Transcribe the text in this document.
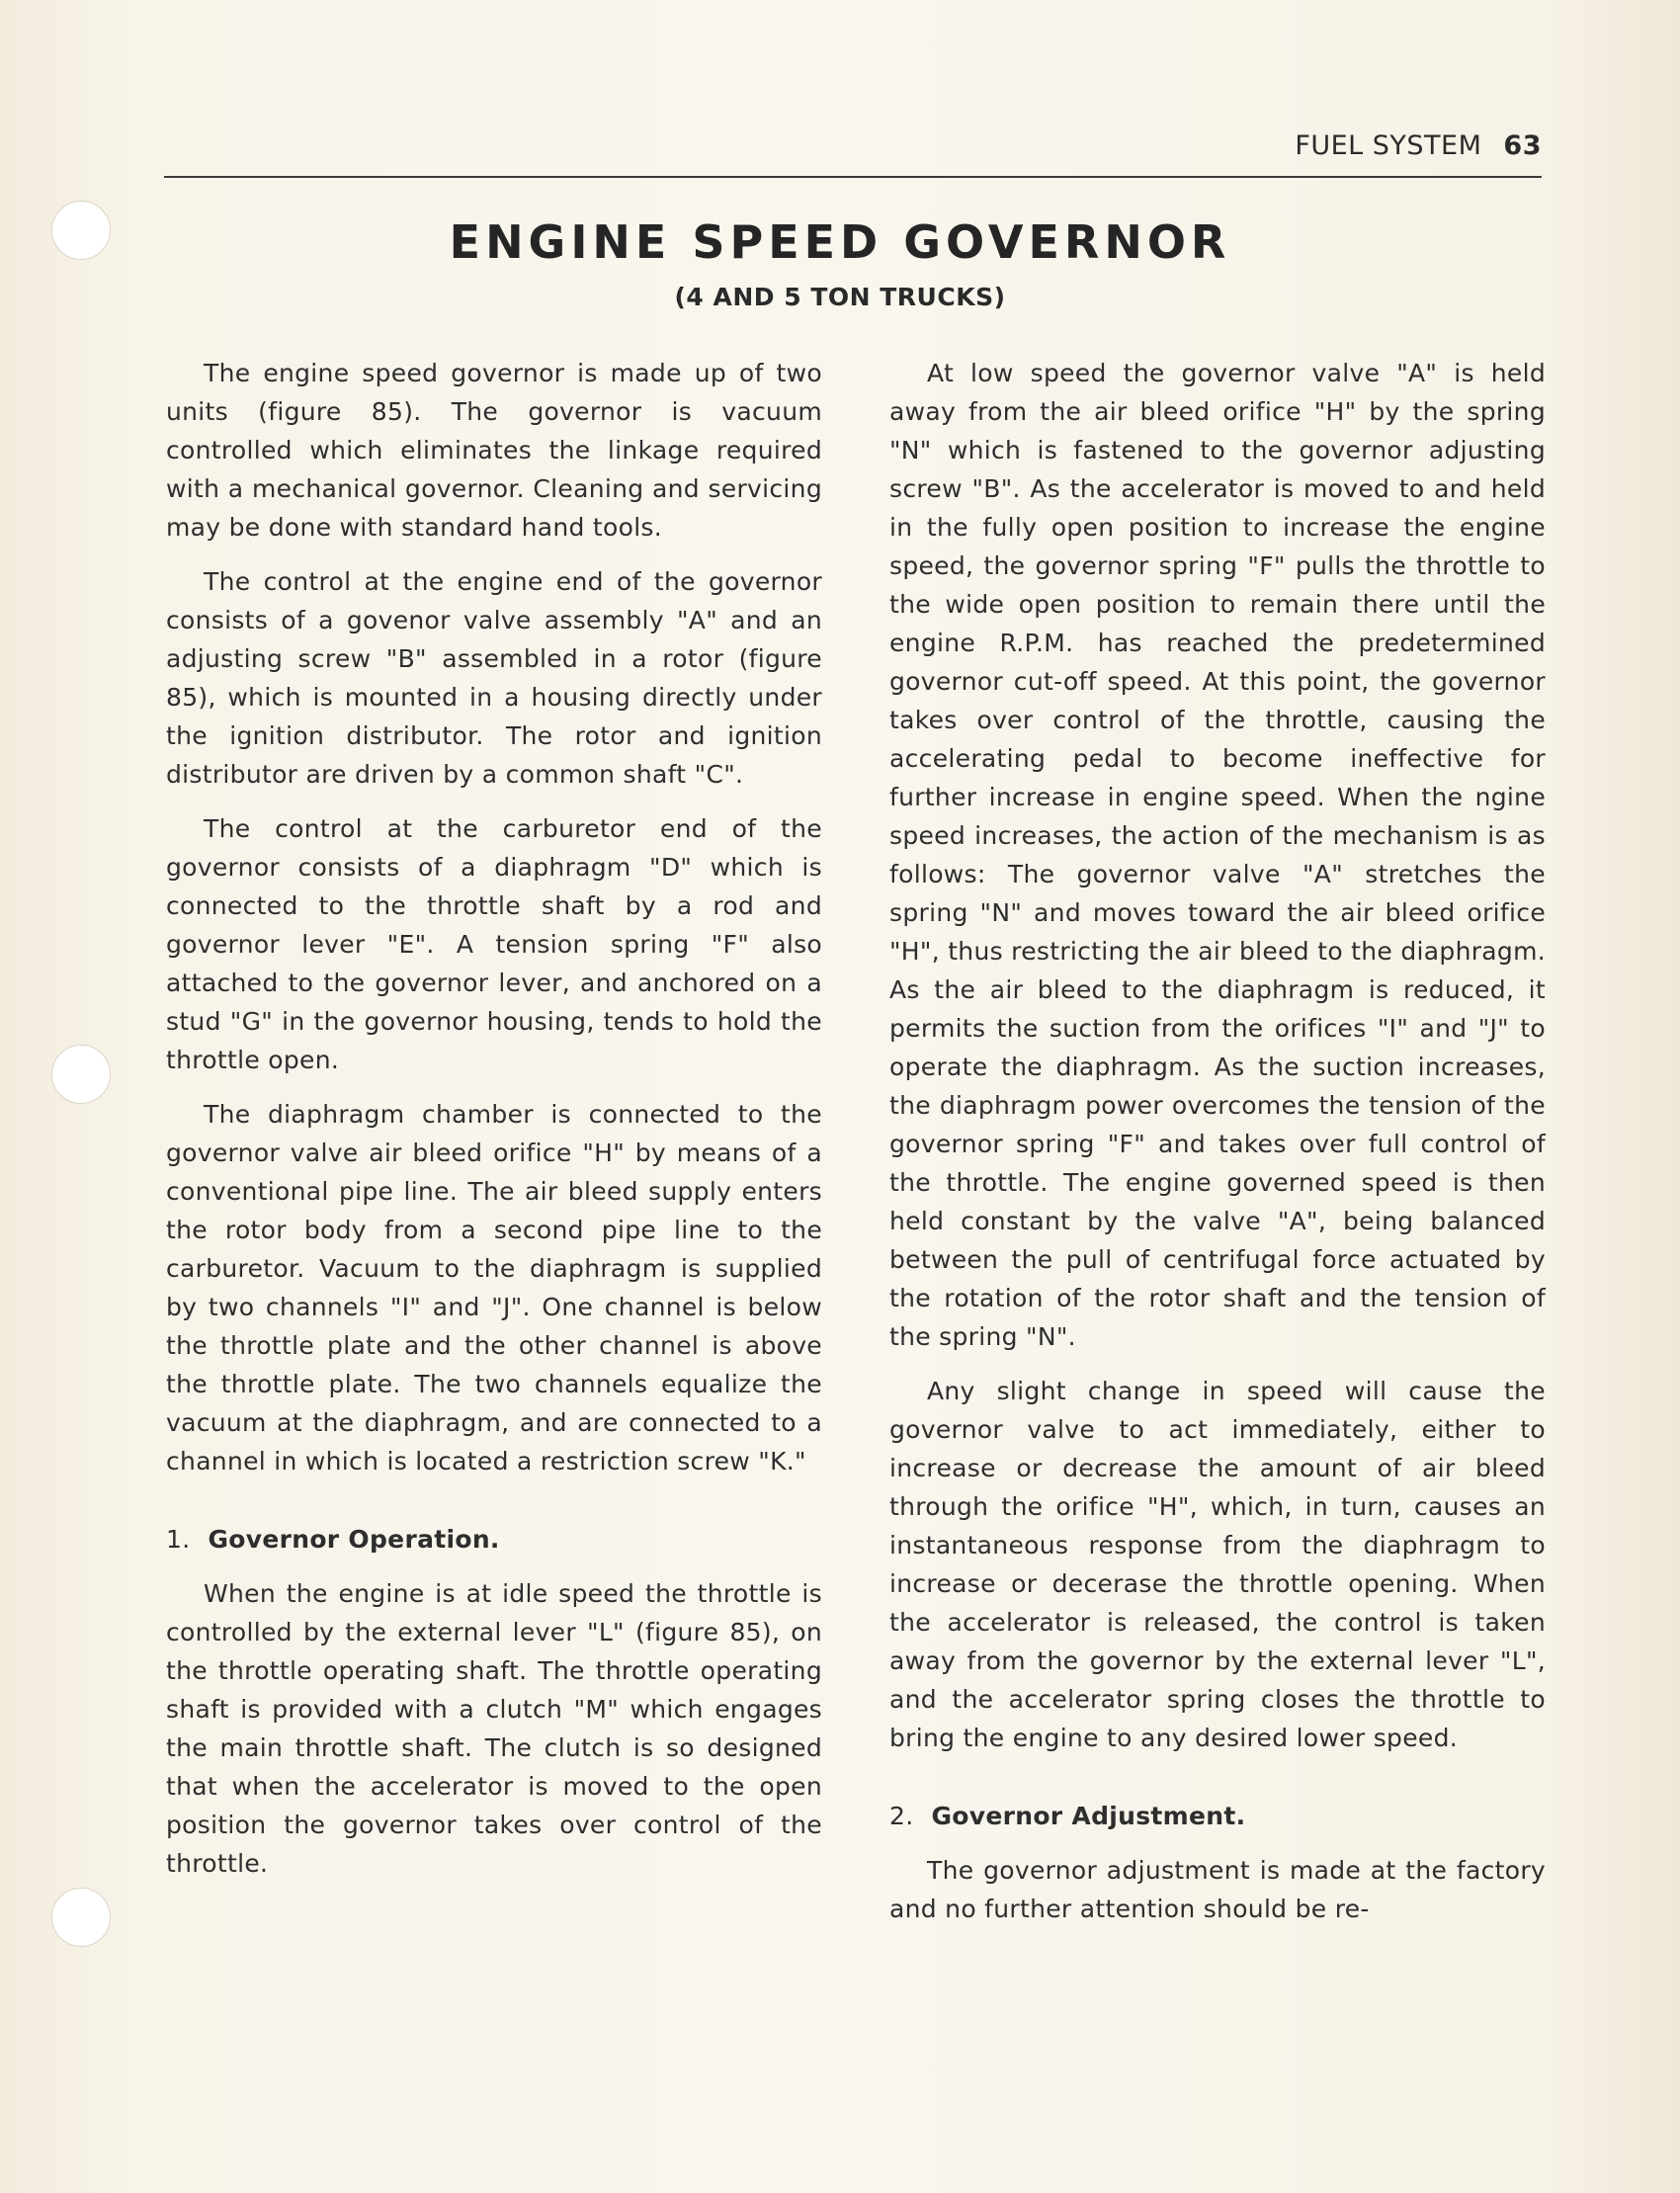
FUEL SYSTEM 63
ENGINE SPEED GOVERNOR
(4 AND 5 TON TRUCKS)

The engine speed governor is made up of two units (figure 85). The governor is vacuum controlled which eliminates the linkage required with a mechanical governor. Cleaning and servicing may be done with standard hand tools.

The control at the engine end of the governor consists of a govenor valve assembly "A" and an adjusting screw "B" assembled in a rotor (figure 85), which is mounted in a housing directly under the ignition distributor. The rotor and ignition distributor are driven by a common shaft "C".

The control at the carburetor end of the governor consists of a diaphragm "D" which is connected to the throttle shaft by a rod and governor lever "E". A tension spring "F" also attached to the governor lever, and anchored on a stud "G" in the governor housing, tends to hold the throttle open.

The diaphragm chamber is connected to the governor valve air bleed orifice "H" by means of a conventional pipe line. The air bleed supply enters the rotor body from a second pipe line to the carburetor. Vacuum to the diaphragm is supplied by two channels "I" and "J". One channel is below the throttle plate and the other channel is above the throttle plate. The two channels equalize the vacuum at the diaphragm, and are connected to a channel in which is located a restriction screw "K."

1. Governor Operation.

When the engine is at idle speed the throttle is controlled by the external lever "L" (figure 85), on the throttle operating shaft. The throttle operating shaft is provided with a clutch "M" which engages the main throttle shaft. The clutch is so designed that when the accelerator is moved to the open position the governor takes over control of the throttle.

At low speed the governor valve "A" is held away from the air bleed orifice "H" by the spring "N" which is fastened to the governor adjusting screw "B". As the accelerator is moved to and held in the fully open position to increase the engine speed, the governor spring "F" pulls the throttle to the wide open position to remain there until the engine R.P.M. has reached the predetermined governor cut-off speed. At this point, the governor takes over control of the throttle, causing the accelerating pedal to become ineffective for further increase in engine speed. When the ngine speed increases, the action of the mechanism is as follows: The governor valve "A" stretches the spring "N" and moves toward the air bleed orifice "H", thus restricting the air bleed to the diaphragm. As the air bleed to the diaphragm is reduced, it permits the suction from the orifices "I" and "J" to operate the diaphragm. As the suction increases, the diaphragm power overcomes the tension of the governor spring "F" and takes over full control of the throttle. The engine governed speed is then held constant by the valve "A", being balanced between the pull of centrifugal force actuated by the rotation of the rotor shaft and the tension of the spring "N".

Any slight change in speed will cause the governor valve to act immediately, either to increase or decrease the amount of air bleed through the orifice "H", which, in turn, causes an instantaneous response from the diaphragm to increase or decerase the throttle opening. When the accelerator is released, the control is taken away from the governor by the external lever "L", and the accelerator spring closes the throttle to bring the engine to any desired lower speed.

2. Governor Adjustment.

The governor adjustment is made at the factory and no further attention should be re-
